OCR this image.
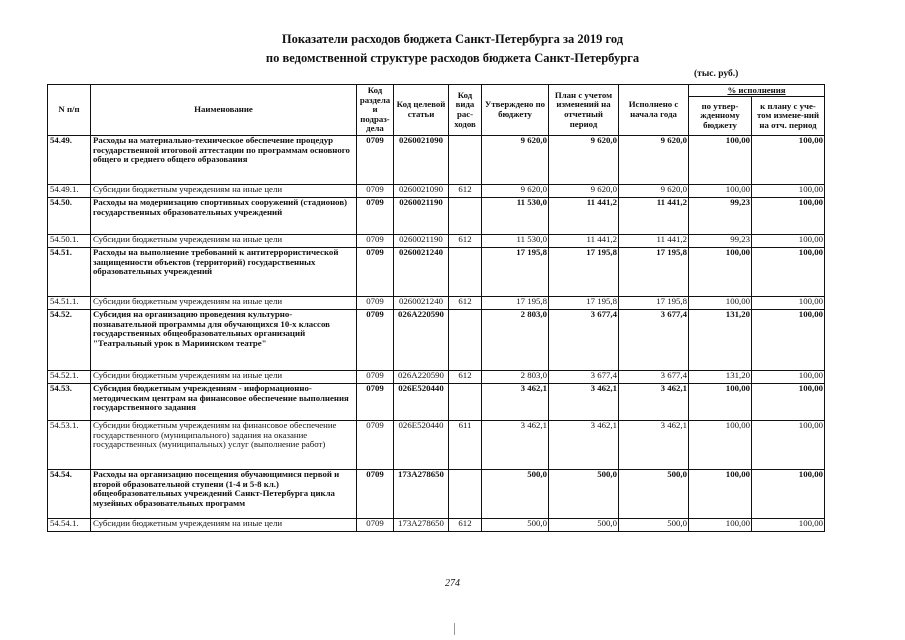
Показатели расходов бюджета Санкт-Петербурга за 2019 год
по ведомственной структуре расходов бюджета Санкт-Петербурга
(тыс. руб.)
N п/п	Наименование	Код раздела и подраз-дела	Код целевой статьи	Код вида рас-ходов	Утверждено по бюджету	План с учетом изменений на отчетный период	Исполнено с начала года	% исполнения	
								по утвер-жденному бюджету	к плану с уче-том измене-ний на отч. период
54.49.	Расходы на материально-техническое обеспечение процедур государственной итоговой аттестации по программам основного общего и среднего общего образования	0709	0260021090		9 620,0	9 620,0	9 620,0	100,00	100,00
54.49.1.	Субсидии бюджетным учреждениям на иные цели	0709	0260021090	612	9 620,0	9 620,0	9 620,0	100,00	100,00
54.50.	Расходы на модернизацию спортивных сооружений (стадионов) государственных образовательных учреждений	0709	0260021190		11 530,0	11 441,2	11 441,2	99,23	100,00
54.50.1.	Субсидии бюджетным учреждениям на иные цели	0709	0260021190	612	11 530,0	11 441,2	11 441,2	99,23	100,00
54.51.	Расходы на выполнение требований к антитеррористической защищенности объектов (территорий) государственных образовательных учреждений	0709	0260021240		17 195,8	17 195,8	17 195,8	100,00	100,00
54.51.1.	Субсидии бюджетным учреждениям на иные цели	0709	0260021240	612	17 195,8	17 195,8	17 195,8	100,00	100,00
54.52.	Субсидия на организацию проведения культурно-познавательной программы для обучающихся 10-х классов государственных общеобразовательных организаций "Театральный урок в Мариинском театре"	0709	026A220590		2 803,0	3 677,4	3 677,4	131,20	100,00
54.52.1.	Субсидии бюджетным учреждениям на иные цели	0709	026A220590	612	2 803,0	3 677,4	3 677,4	131,20	100,00
54.53.	Субсидия бюджетным учреждениям - информационно-методическим центрам на финансовое обеспечение выполнения государственного задания	0709	026E520440		3 462,1	3 462,1	3 462,1	100,00	100,00
54.53.1.	Субсидии бюджетным учреждениям на финансовое обеспечение государственного (муниципального) задания на оказание государственных (муниципальных) услуг (выполнение работ)	0709	026E520440	611	3 462,1	3 462,1	3 462,1	100,00	100,00
54.54.	Расходы на организацию посещения обучающимися первой и второй образовательной ступени (1-4 и 5-8 кл.) общеобразовательных учреждений Санкт-Петербурга цикла музейных образовательных программ	0709	173A278650		500,0	500,0	500,0	100,00	100,00
54.54.1.	Субсидии бюджетным учреждениям на иные цели	0709	173A278650	612	500,0	500,0	500,0	100,00	100,00
274
